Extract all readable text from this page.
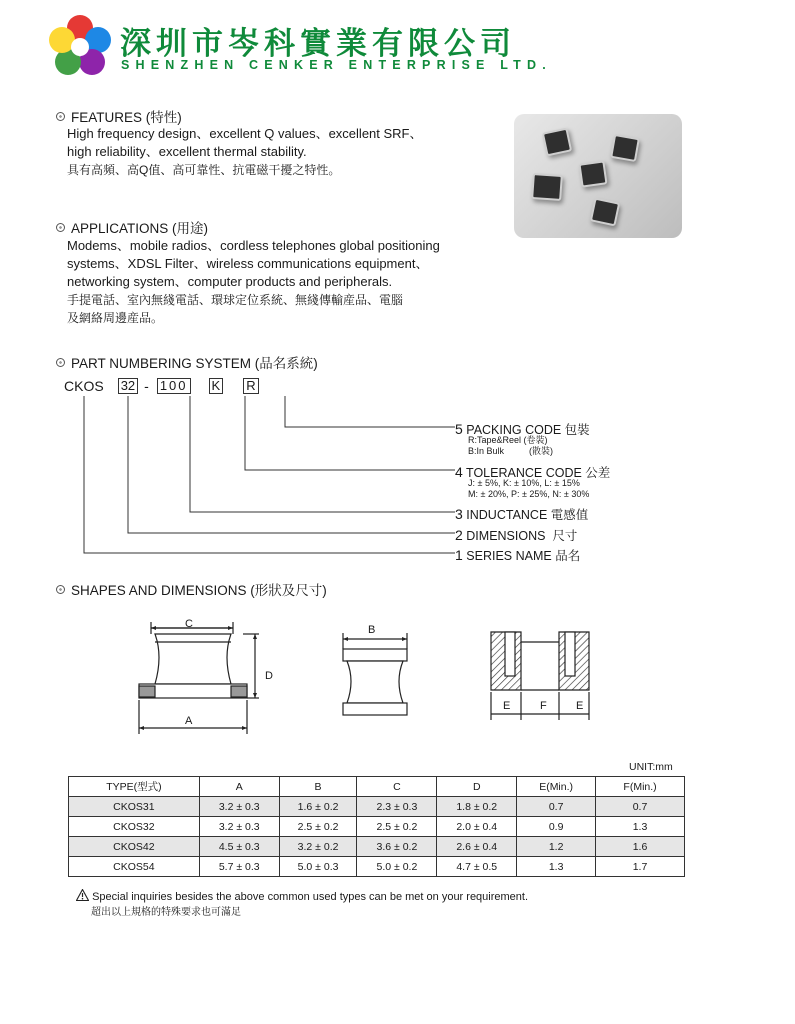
深圳市岑科實業有限公司
SHENZHEN CENKER ENTERPRISE LTD.
FEATURES (特性)
High frequency design、excellent Q values、excellent SRF、
high reliability、excellent thermal stability.
具有高頻、高Q值、高可靠性、抗電磁干擾之特性。
APPLICATIONS (用途)
Modems、mobile radios、cordless telephones global positioning
systems、XDSL Filter、wireless communications equipment、
networking system、computer products and peripherals.
手提電話、室內無綫電話、環球定位系統、無綫傳輸産品、電腦
及網絡周邊産品。
PART NUMBERING SYSTEM (品名系統)
CKOS 32 - 100 K R
5 PACKING CODE 包裝
R:Tape&Reel (卷裝)
B:In Bulk          (散裝)
4 TOLERANCE CODE 公差
J: ± 5%, K: ± 10%, L: ± 15%
M: ± 20%, P: ± 25%, N: ± 30%
3 INDUCTANCE 電感值
2 DIMENSIONS  尺寸
1 SERIES NAME 品名
SHAPES AND DIMENSIONS (形狀及尺寸)
C
D
A
B
E	F	E
UNIT:mm
TYPE(型式)	A	B	C	D	E(Min.)	F(Min.)
CKOS31	3.2 ± 0.3	1.6 ± 0.2	2.3 ± 0.3	1.8 ± 0.2	0.7	0.7
CKOS32	3.2 ± 0.3	2.5 ± 0.2	2.5 ± 0.2	2.0 ± 0.4	0.9	1.3
CKOS42	4.5 ± 0.3	3.2 ± 0.2	3.6 ± 0.2	2.6 ± 0.4	1.2	1.6
CKOS54	5.7 ± 0.3	5.0 ± 0.3	5.0 ± 0.2	4.7 ± 0.5	1.3	1.7
Special inquiries besides the above common used types can be met on your requirement.
超出以上規格的特殊要求也可滿足
